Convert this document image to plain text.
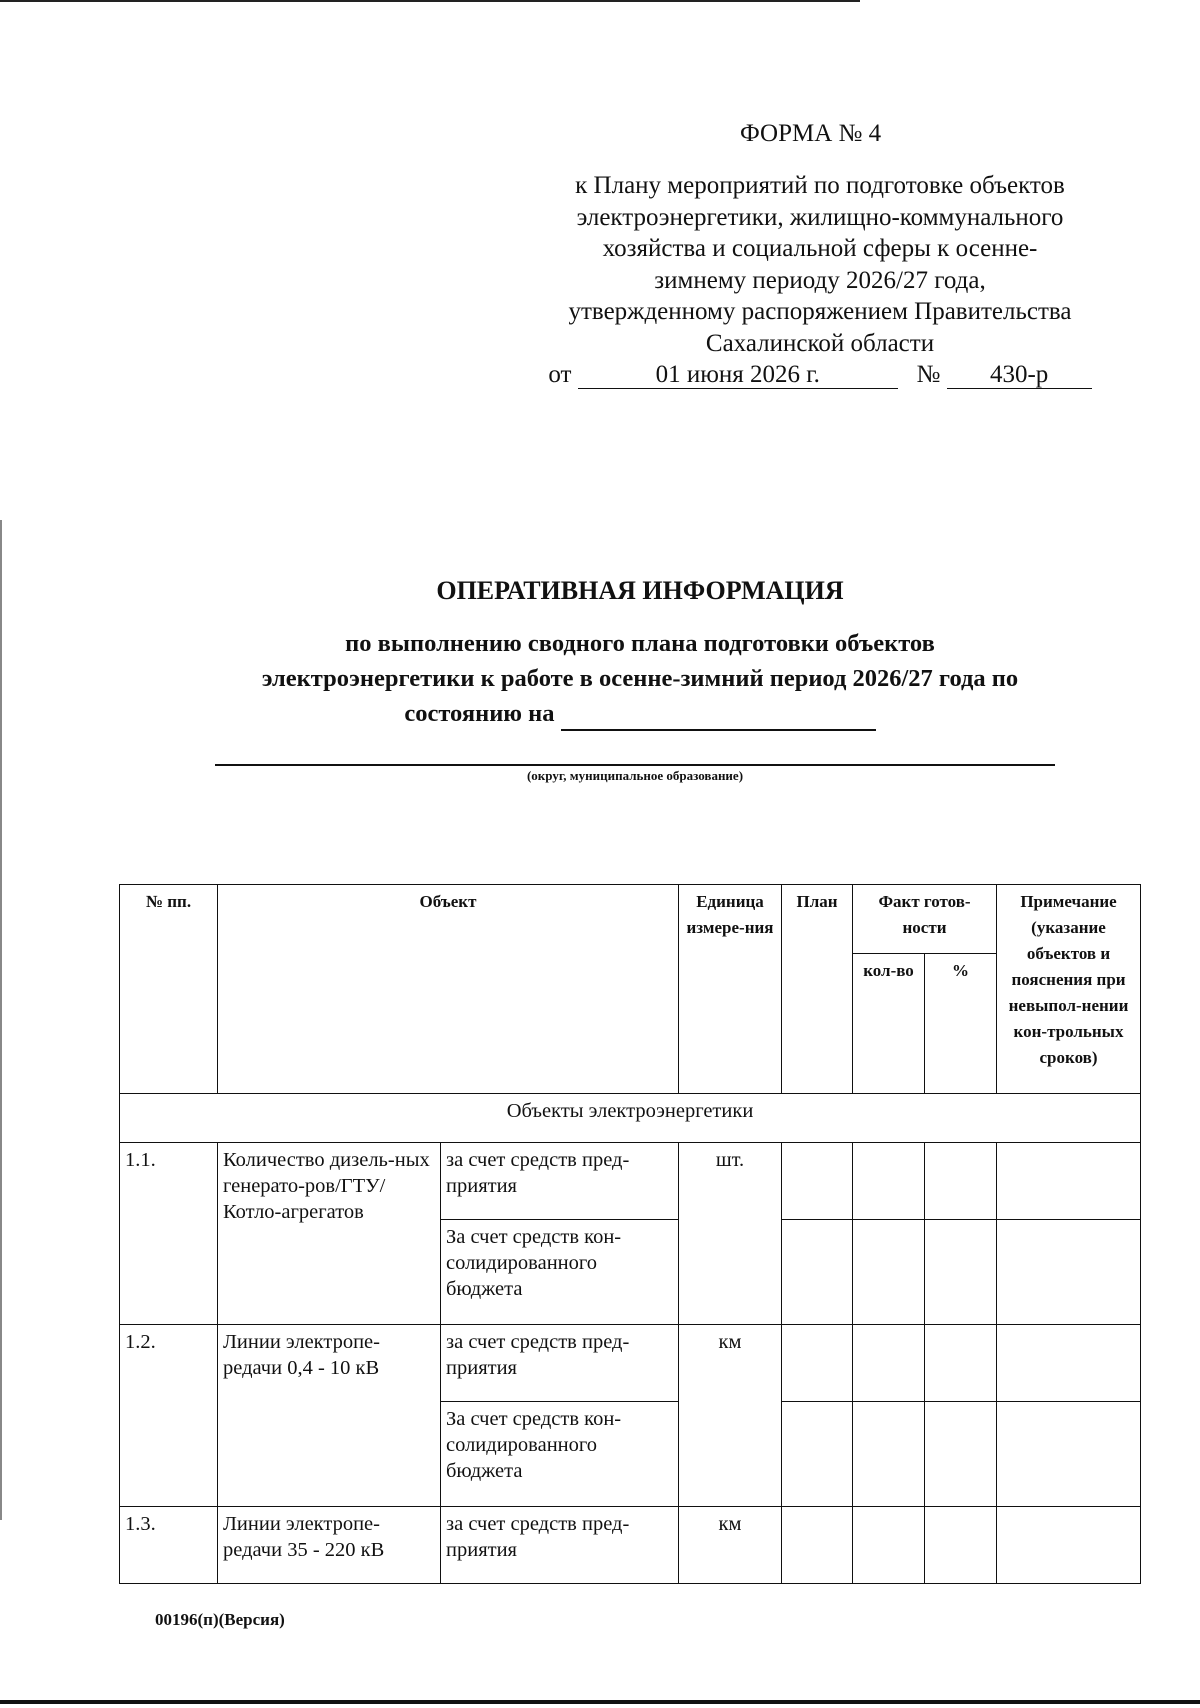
ФОРМА № 4
к Плану мероприятий по подготовке объектов
электроэнергетики, жилищно-коммунального
хозяйства и социальной сферы к осенне-
зимнему периоду 2026/27 года,
утвержденному распоряжением Правительства
Сахалинской области
от	01 июня 2026 г.	№ 430-р
ОПЕРАТИВНАЯ ИНФОРМАЦИЯ
по выполнению сводного плана подготовки объектов
электроэнергетики к работе в осенне-зимний период 2026/27 года по
состоянию на
(округ, муниципальное образование)
№ пп.	Объект		Единица измере-ния	План	Факт готов-ности		Примечание (указание объектов и пояснения при невыпол-нении кон-трольных сроков)
					кол-во	%	
Объекты электроэнергетики							
1.1.	Количество дизель-ных генерато-ров/ГТУ/Котло-агрегатов	за счет средств пред-приятия	шт.				
		За счет средств кон-солидированного бюджета					
1.2.	Линии электропе-редачи 0,4 - 10 кВ	за счет средств пред-приятия	км				
		За счет средств кон-солидированного бюджета					
1.3.	Линии электропе-редачи 35 - 220 кВ	за счет средств пред-приятия	км				
00196(п)(Версия)
